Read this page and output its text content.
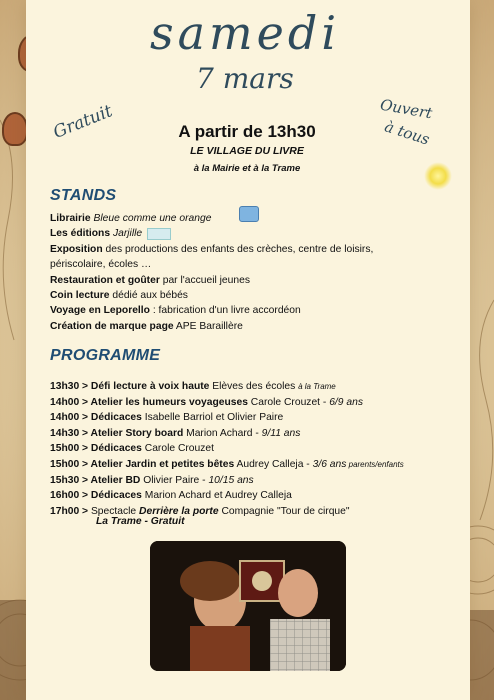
samedi
7 mars
Gratuit	Ouvert
à tous
A partir de 13h30
LE VILLAGE DU LIVRE
à la Mairie et à la Trame
STANDS
Librairie Bleue comme une orange
Les éditions Jarjille
Exposition des productions des enfants des crèches, centre de loisirs,
périscolaire, écoles …
Restauration et goûter par l'accueil jeunes
Coin lecture dédié aux bébés
Voyage en Leporello : fabrication d'un livre accordéon
Création de marque page APE Baraillère
PROGRAMME
13h30 > Défi lecture à voix haute Elèves des écoles à la Trame
14h00 > Atelier les humeurs voyageuses Carole Crouzet - 6/9 ans
14h00 > Dédicaces Isabelle Barriol et Olivier Paire
14h30 > Atelier Story board Marion Achard - 9/11 ans
15h00 > Dédicaces Carole Crouzet
15h00 > Atelier Jardin et petites bêtes Audrey Calleja - 3/6 ans parents/enfants
15h30 > Atelier BD Olivier Paire - 10/15 ans
16h00 > Dédicaces Marion Achard et Audrey Calleja
17h00 > Spectacle Derrière la porte Compagnie "Tour de cirque"
La Trame - Gratuit
